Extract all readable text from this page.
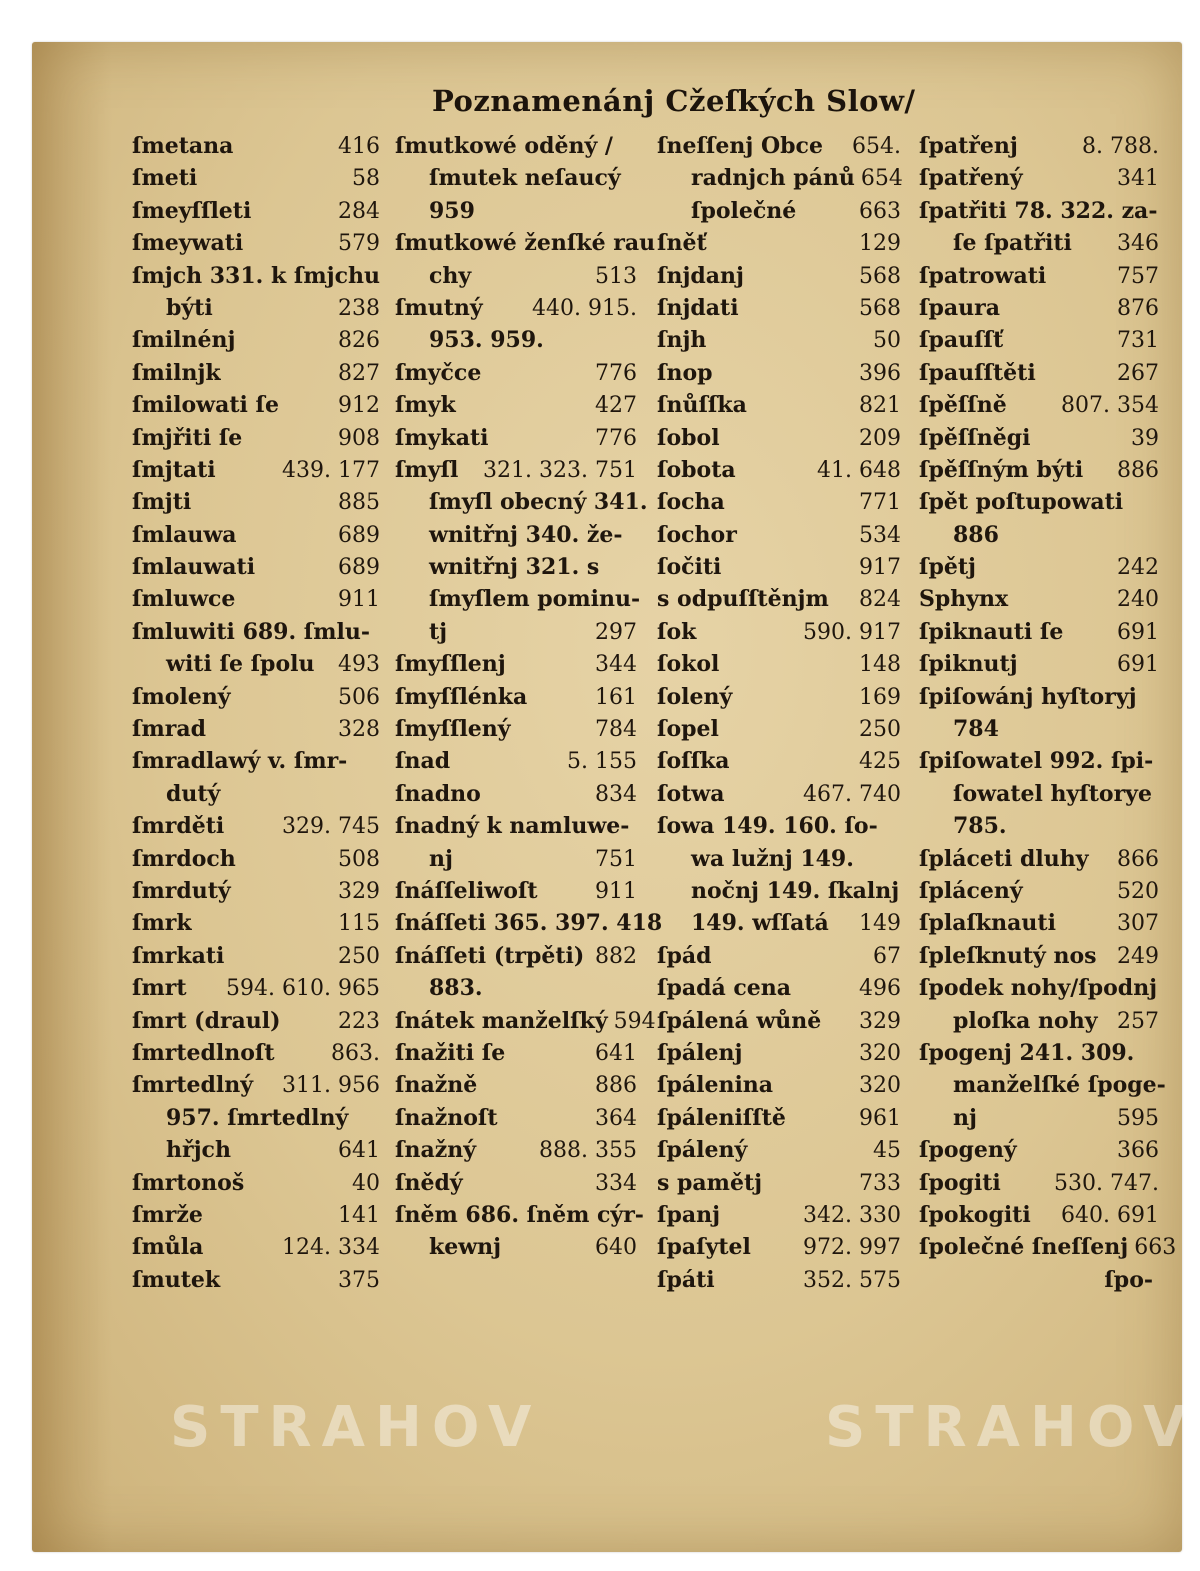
Poznamenánj Cžeſkých Slow/
ſmetana	416
ſmeti	58
ſmeyſſleti	284
ſmeywati	579
ſmjch 331. k ſmjchu
býti	238
ſmilnénj	826
ſmilnjk	827
ſmilowati ſe	912
ſmjřiti ſe	908
ſmjtati	439. 177
ſmjti	885
ſmlauwa	689
ſmlauwati	689
ſmluwce	911
ſmluwiti 689. ſmlu-
witi ſe ſpolu 493
ſmolený	506
ſmrad	328
ſmradlawý v. ſmr-
dutý
ſmrděti	329. 745
ſmrdoch	508
ſmrdutý	329
ſmrk	115
ſmrkati	250
ſmrt 594. 610. 965
ſmrt (draul)	223
ſmrtedlnoſt	863.
ſmrtedlný 311. 956
957. ſmrtedlný
hřjch	641
ſmrtonoš	40
ſmrže	141
ſmůla	124. 334
ſmutek	375
ſmutkowé oděný /
ſmutek neſaucý
959
ſmutkowé ženſké rau
chy	513
ſmutný 440. 915.
953. 959.
ſmyčce	776
ſmyk	427
ſmykati	776
ſmyſl 321. 323. 751
ſmyſl obecný 341.
wnitřnj 340. že-
wnitřnj 321. s
ſmyſlem pominu-
tj	297
ſmyſſlenj	344
ſmyſſlénka	161
ſmyſſlený	784
ſnad	5. 155
ſnadno	834
ſnadný k namluwe-
nj	751
ſnáſſeliwoſt	911
ſnáſſeti 365. 397. 418
ſnáſſeti (trpěti) 882
883.
ſnátek manželſký 594
ſnažiti ſe	641
ſnažně	886
ſnažnoſt	364
ſnažný	888. 355
ſnědý	334
ſněm 686. ſněm cýr-
kewnj	640
ſneſſenj Obce 654.
radnjch pánů 654
ſpolečné	663
ſněť	129
ſnjdanj	568
ſnjdati	568
ſnjh	50
ſnop	396
ſnůſſka	821
ſobol	209
ſobota	41. 648
ſocha	771
ſochor	534
ſočiti	917
s odpuſſtěnjm 824
ſok	590. 917
ſokol	148
ſolený	169
ſopel	250
ſoſſka	425
ſotwa	467. 740
ſowa 149. 160. ſo-
wa lužnj 149.
nočnj 149. ſkalnj
149. wſſatá 149
ſpád	67
ſpadá cena	496
ſpálená wůně 329
ſpálenj	320
ſpálenina	320
ſpáleniſſtě	961
ſpálený	45
s pamětj	733
ſpanj	342. 330
ſpaſytel 972. 997
ſpáti	352. 575
ſpatřenj	8. 788.
ſpatřený	341
ſpatřiti 78. 322. za-
ſe ſpatřiti 346
ſpatrowati	757
ſpaura	876
ſpauſſť	731
ſpauſſtěti	267
ſpěſſně 807. 354
ſpěſſněgi	39
ſpěſſným býti 886
ſpět poſtupowati
886
ſpětj	242
Sphynx	240
ſpiknauti ſe 691
ſpiknutj	691
ſpiſowánj hyſtoryj
784
ſpiſowatel 992. ſpi-
ſowatel hyſtorye
785.
ſpláceti dluhy 866
ſplácený	520
ſplaſknauti	307
ſpleſknutý nos 249
ſpodek nohy/ſpodnj
ploſka nohy 257
ſpogenj 241. 309.
manželſké ſpoge-
nj	595
ſpogený	366
ſpogiti 530. 747.
ſpokogiti 640. 691
ſpolečné ſneſſenj 663
ſpo-
STRAHOV	STRAHOV
